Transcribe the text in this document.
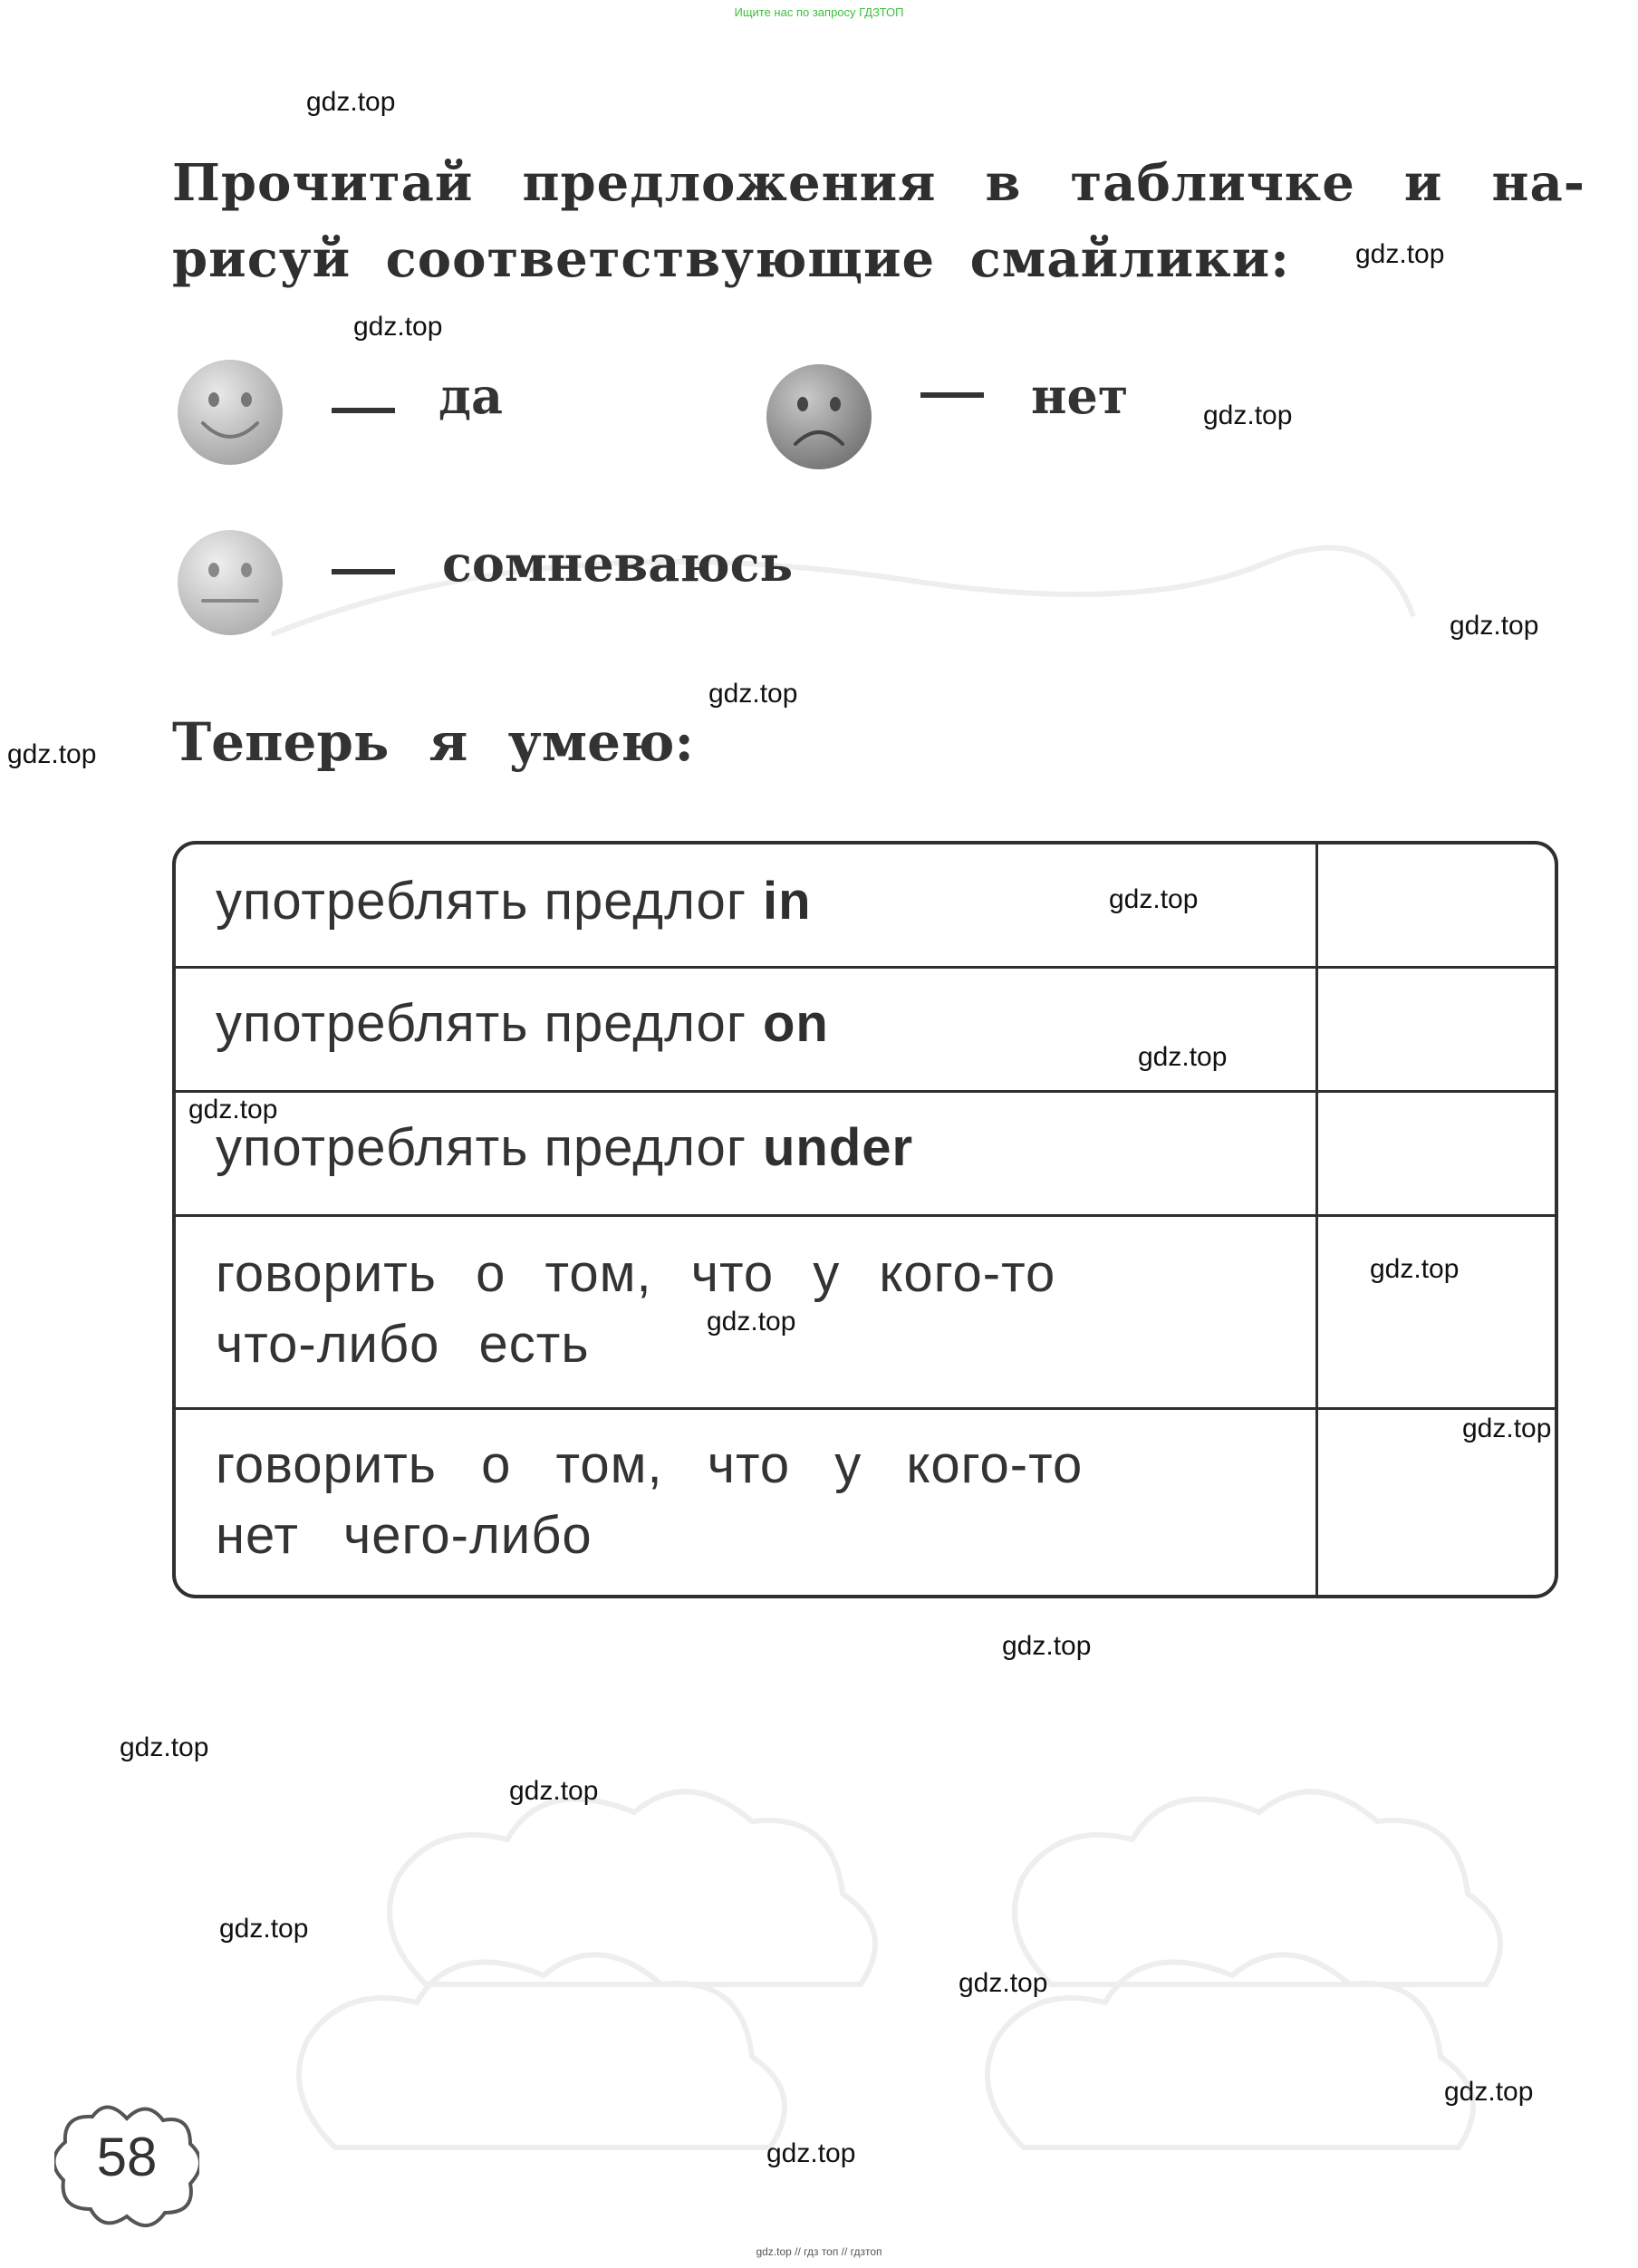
Ищите нас по запросу ГДЗТОП
Прочитай предложения в табличке и на-
рисуй соответствующие смайлики:
да	нет
сомневаюсь
Теперь я умею:
употреблять предлог in
употреблять предлог on
употреблять предлог under
говорить о том, что у кого-то
что-либо есть
говорить о том, что у кого-то
нет чего-либо
58
gdz.top
gdz.top
gdz.top
gdz.top
gdz.top
gdz.top
gdz.top
gdz.top
gdz.top
gdz.top
gdz.top
gdz.top
gdz.top
gdz.top
gdz.top
gdz.top
gdz.top
gdz.top
gdz.top
gdz.top
gdz.top // гдз топ // гдзтоп
